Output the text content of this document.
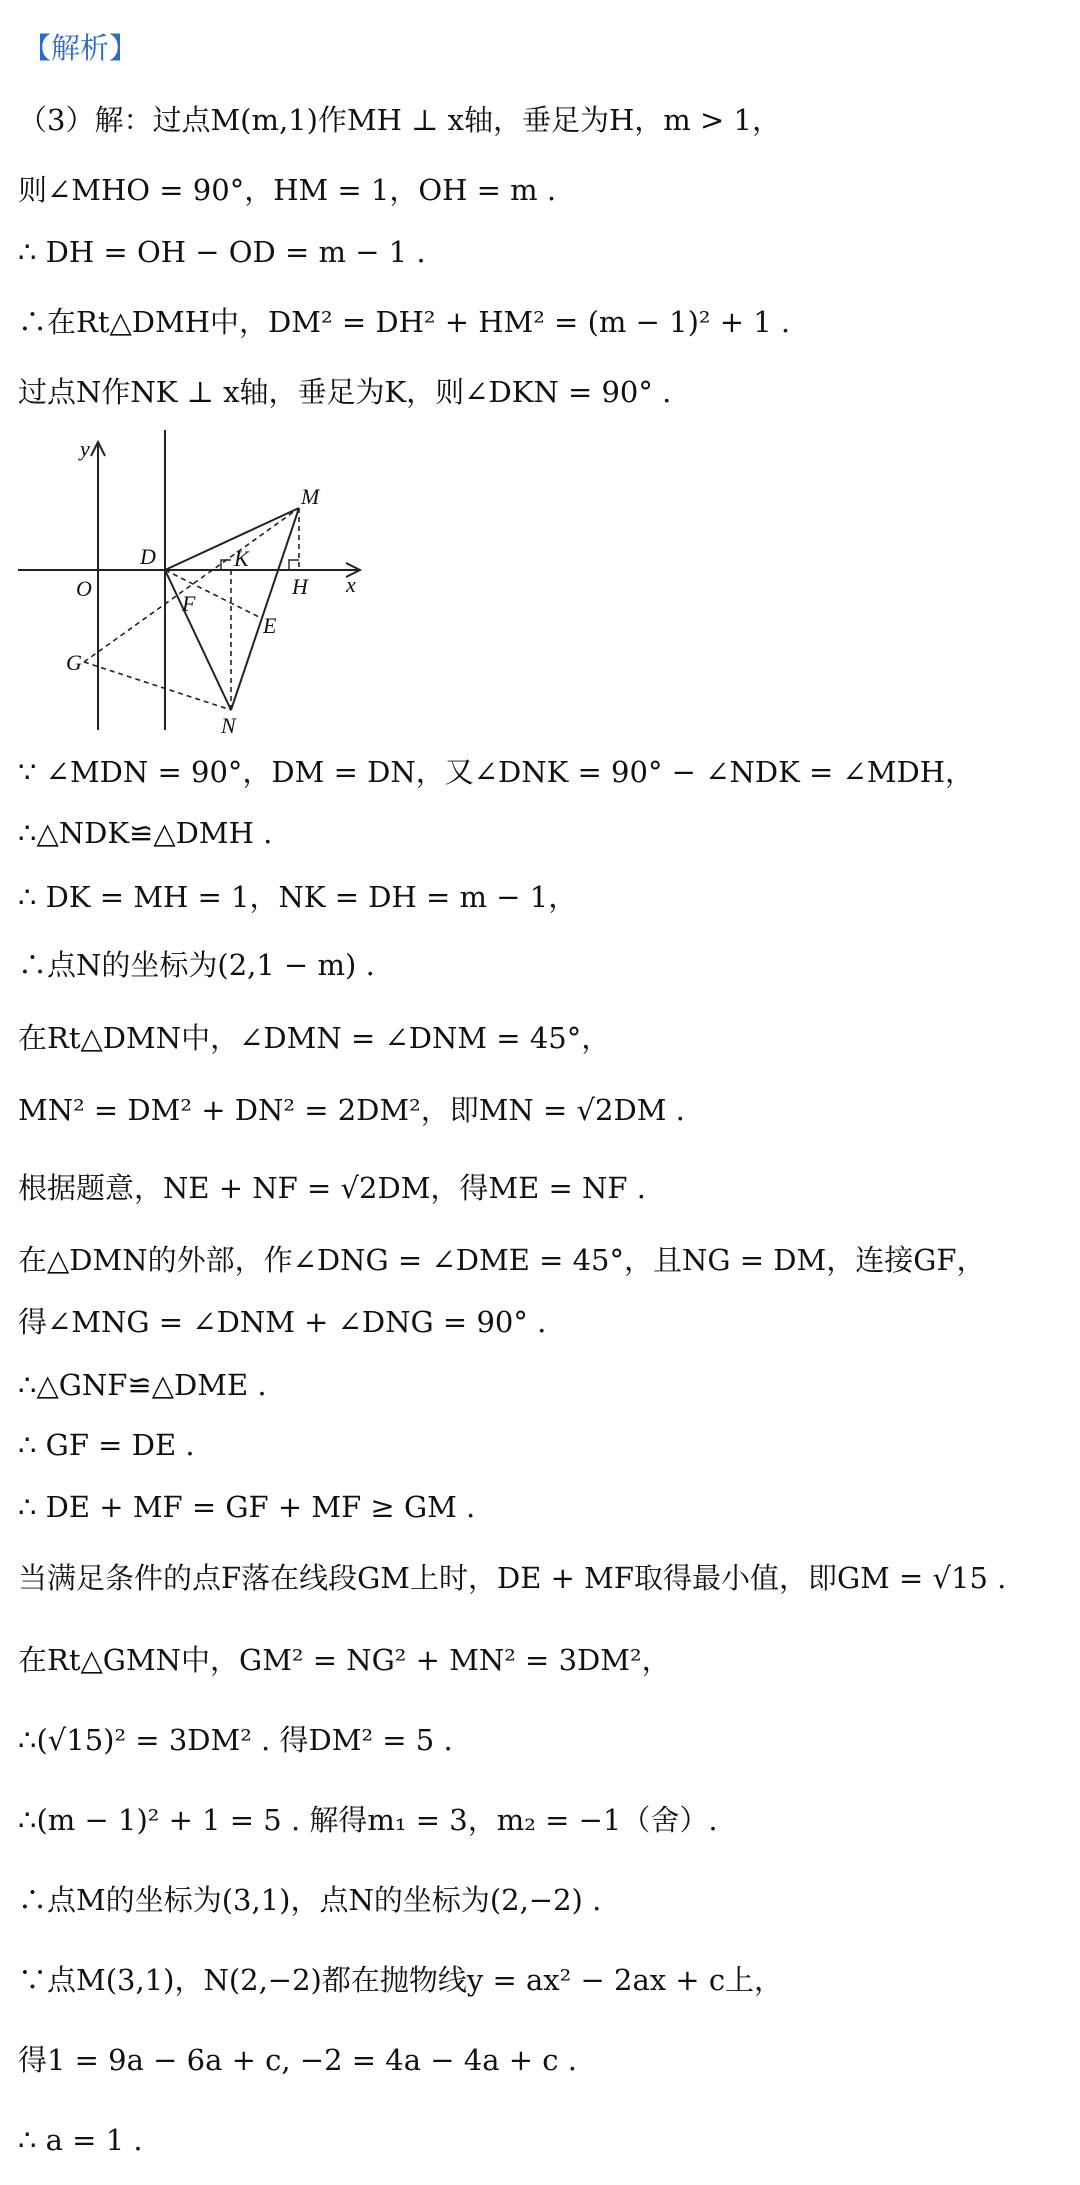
【解析】
（3）解：过点M(m,1)作MH ⊥ x轴，垂足为H，m > 1，
则∠MHO = 90°，HM = 1，OH = m .
∴ DH = OH − OD = m − 1 .
∴在Rt△DMH中，DM² = DH² + HM² = (m − 1)² + 1 .
过点N作NK ⊥ x轴，垂足为K，则∠DKN = 90° .
y
x
O
D
M
K
H
F
E
G
N
∵ ∠MDN = 90°，DM = DN，又∠DNK = 90° − ∠NDK = ∠MDH，
∴△NDK≌△DMH .
∴ DK = MH = 1，NK = DH = m − 1，
∴点N的坐标为(2,1 − m) .
在Rt△DMN中，∠DMN = ∠DNM = 45°，
MN² = DM² + DN² = 2DM²，即MN = √2DM .
根据题意，NE + NF = √2DM，得ME = NF .
在△DMN的外部，作∠DNG = ∠DME = 45°，且NG = DM，连接GF，
得∠MNG = ∠DNM + ∠DNG = 90° .
∴△GNF≌△DME .
∴ GF = DE .
∴ DE + MF = GF + MF ≥ GM .
当满足条件的点F落在线段GM上时，DE + MF取得最小值，即GM = √15 .
在Rt△GMN中，GM² = NG² + MN² = 3DM²，
∴(√15)² = 3DM² . 得DM² = 5 .
∴(m − 1)² + 1 = 5 . 解得m₁ = 3，m₂ = −1（舍）.
∴点M的坐标为(3,1)，点N的坐标为(2,−2) .
∵点M(3,1)，N(2,−2)都在抛物线y = ax² − 2ax + c上，
得1 = 9a − 6a + c, −2 = 4a − 4a + c .
∴ a = 1 .
